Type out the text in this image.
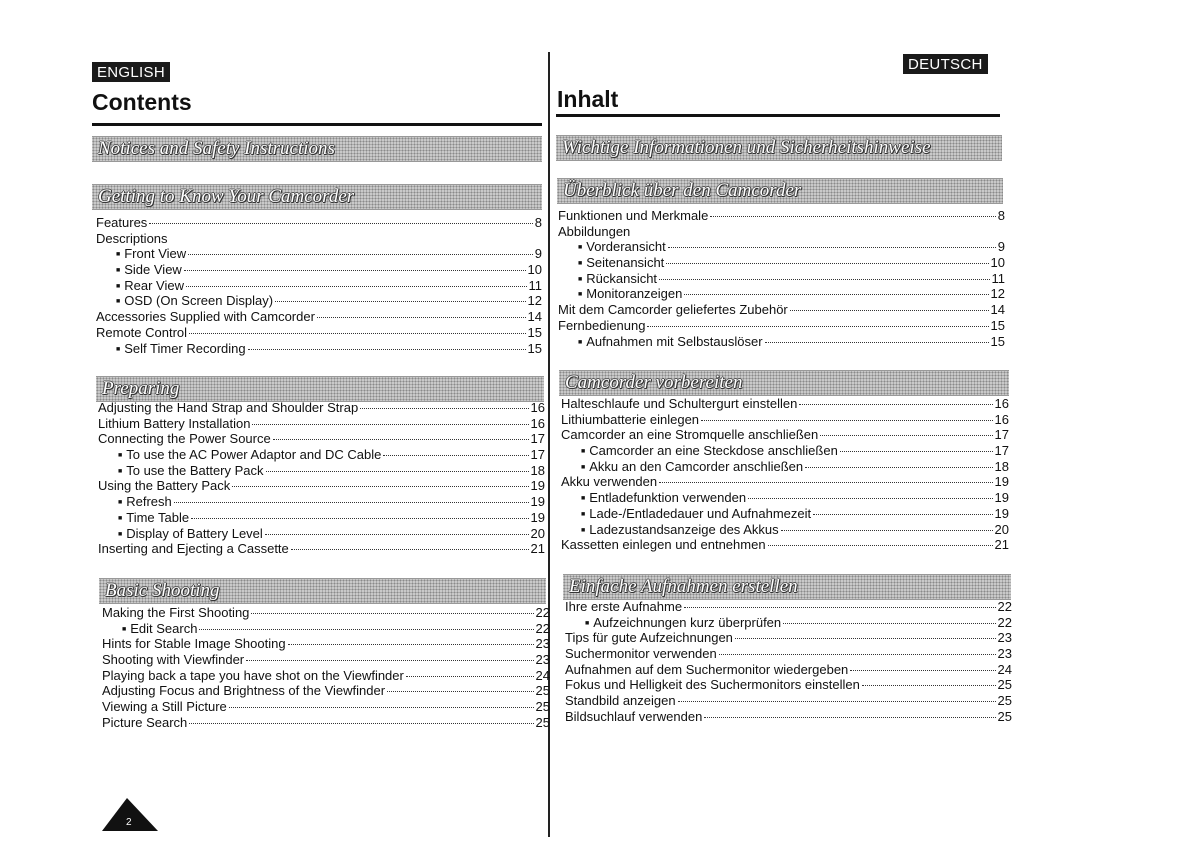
ENGLISH
Contents
DEUTSCH
Inhalt
Notices and Safety Instructions
Getting to Know Your Camcorder
Features	8
Descriptions
■ Front View	9
■ Side View	10
■ Rear View	11
■ OSD (On Screen Display)	12
Accessories Supplied with Camcorder	14
Remote Control	15
■ Self Timer Recording	15
Preparing
Adjusting the Hand Strap and Shoulder Strap	16
Lithium Battery Installation	16
Connecting the Power Source	17
■ To use the AC Power Adaptor and DC Cable	17
■ To use the Battery Pack	18
Using the Battery Pack	19
■ Refresh	19
■ Time Table	19
■ Display of Battery Level	20
Inserting and Ejecting a Cassette	21
Basic Shooting
Making the First Shooting	22
■ Edit Search	22
Hints for Stable Image Shooting	23
Shooting with Viewfinder	23
Playing back a tape you have shot on the Viewfinder	24
Adjusting Focus and Brightness of the Viewfinder	25
Viewing a Still Picture	25
Picture Search	25
Wichtige Informationen und Sicherheitshinweise
Überblick über den Camcorder
Funktionen und Merkmale	8
Abbildungen
■ Vorderansicht	9
■ Seitenansicht	10
■ Rückansicht	11
■ Monitoranzeigen	12
Mit dem Camcorder geliefertes Zubehör	14
Fernbedienung	15
■ Aufnahmen mit Selbstauslöser	15
Camcorder vorbereiten
Halteschlaufe und Schultergurt einstellen	16
Lithiumbatterie einlegen	16
Camcorder an eine Stromquelle anschließen	17
■ Camcorder an eine Steckdose anschließen	17
■ Akku an den Camcorder anschließen	18
Akku verwenden	19
■ Entladefunktion verwenden	19
■ Lade-/Entladedauer und Aufnahmezeit	19
■ Ladezustandsanzeige des Akkus	20
Kassetten einlegen und entnehmen	21
Einfache Aufnahmen erstellen
Ihre erste Aufnahme	22
■ Aufzeichnungen kurz überprüfen	22
Tips für gute Aufzeichnungen	23
Suchermonitor verwenden	23
Aufnahmen auf dem Suchermonitor wiedergeben	24
Fokus und Helligkeit des Suchermonitors einstellen	25
Standbild anzeigen	25
Bildsuchlauf verwenden	25
2
